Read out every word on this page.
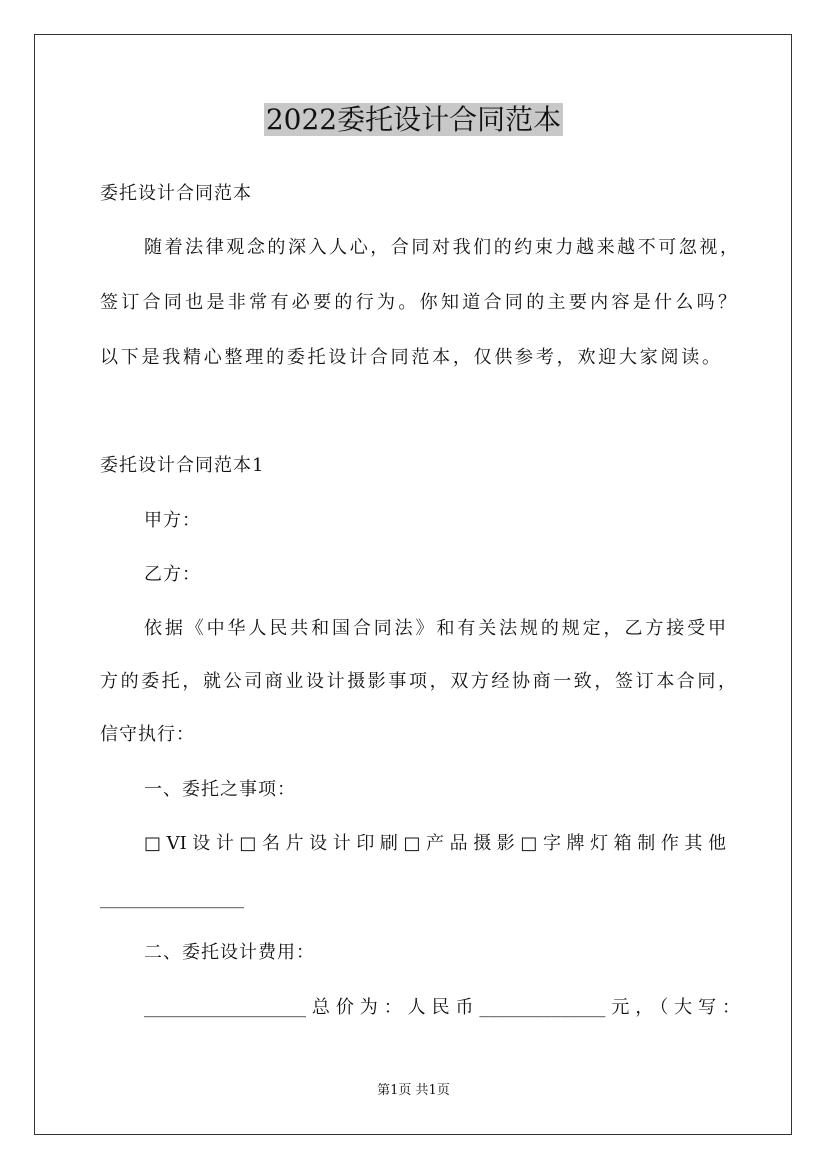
2022委托设计合同范本
委托设计合同范本
随着法律观念的深入人心，合同对我们的约束力越来越不可忽视，
签订合同也是非常有必要的行为。你知道合同的主要内容是什么吗？
以下是我精心整理的委托设计合同范本，仅供参考，欢迎大家阅读。
委托设计合同范本1
甲方：
乙方：
依据《中华人民共和国合同法》和有关法规的规定，乙方接受甲
方的委托，就公司商业设计摄影事项，双方经协商一致，签订本合同，
信守执行：
一、委托之事项：
□VI设计□名片设计印刷□产品摄影□字牌灯箱制作其他
________________
二、委托设计费用：
__________________总价为：人民币______________元，（大写：
第1页 共1页
